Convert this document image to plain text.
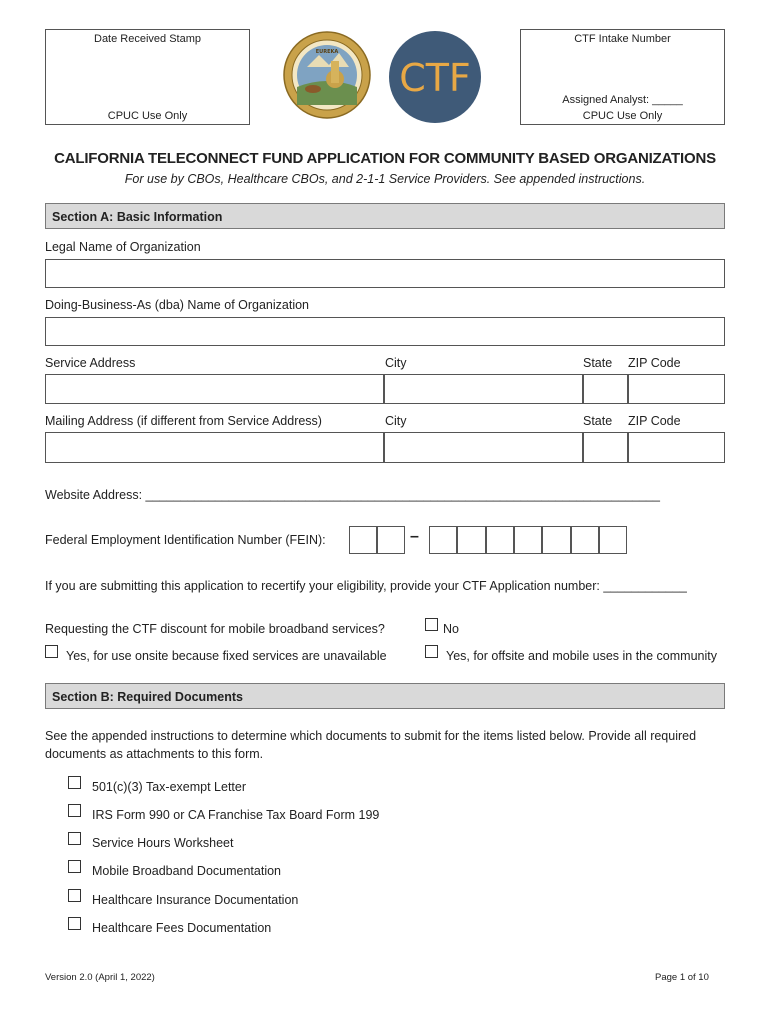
Date Received Stamp
CPUC Use Only
EUREKA
CTF
CTF Intake Number
Assigned Analyst: _____
CPUC Use Only
CALIFORNIA TELECONNECT FUND APPLICATION FOR COMMUNITY BASED ORGANIZATIONS
For use by CBOs, Healthcare CBOs, and 2-1-1 Service Providers. See appended instructions.
Section A: Basic Information
Legal Name of Organization
Doing-Business-As (dba) Name of Organization
Service Address	City	State ZIP Code
Mailing Address (if different from Service Address)	City	State ZIP Code
Website Address: __________________________________________________________________________
Federal Employment Identification Number (FEIN):	–
If you are submitting this application to recertify your eligibility, provide your CTF Application number: ____________
Requesting the CTF discount for mobile broadband services?	No
Yes, for use onsite because fixed services are unavailable	Yes, for offsite and mobile uses in the community
Section B: Required Documents
See the appended instructions to determine which documents to submit for the items listed below. Provide all required documents as attachments to this form.
501(c)(3) Tax-exempt Letter
IRS Form 990 or CA Franchise Tax Board Form 199
Service Hours Worksheet
Mobile Broadband Documentation
Healthcare Insurance Documentation
Healthcare Fees Documentation
Version 2.0 (April 1, 2022)	Page 1 of 10
